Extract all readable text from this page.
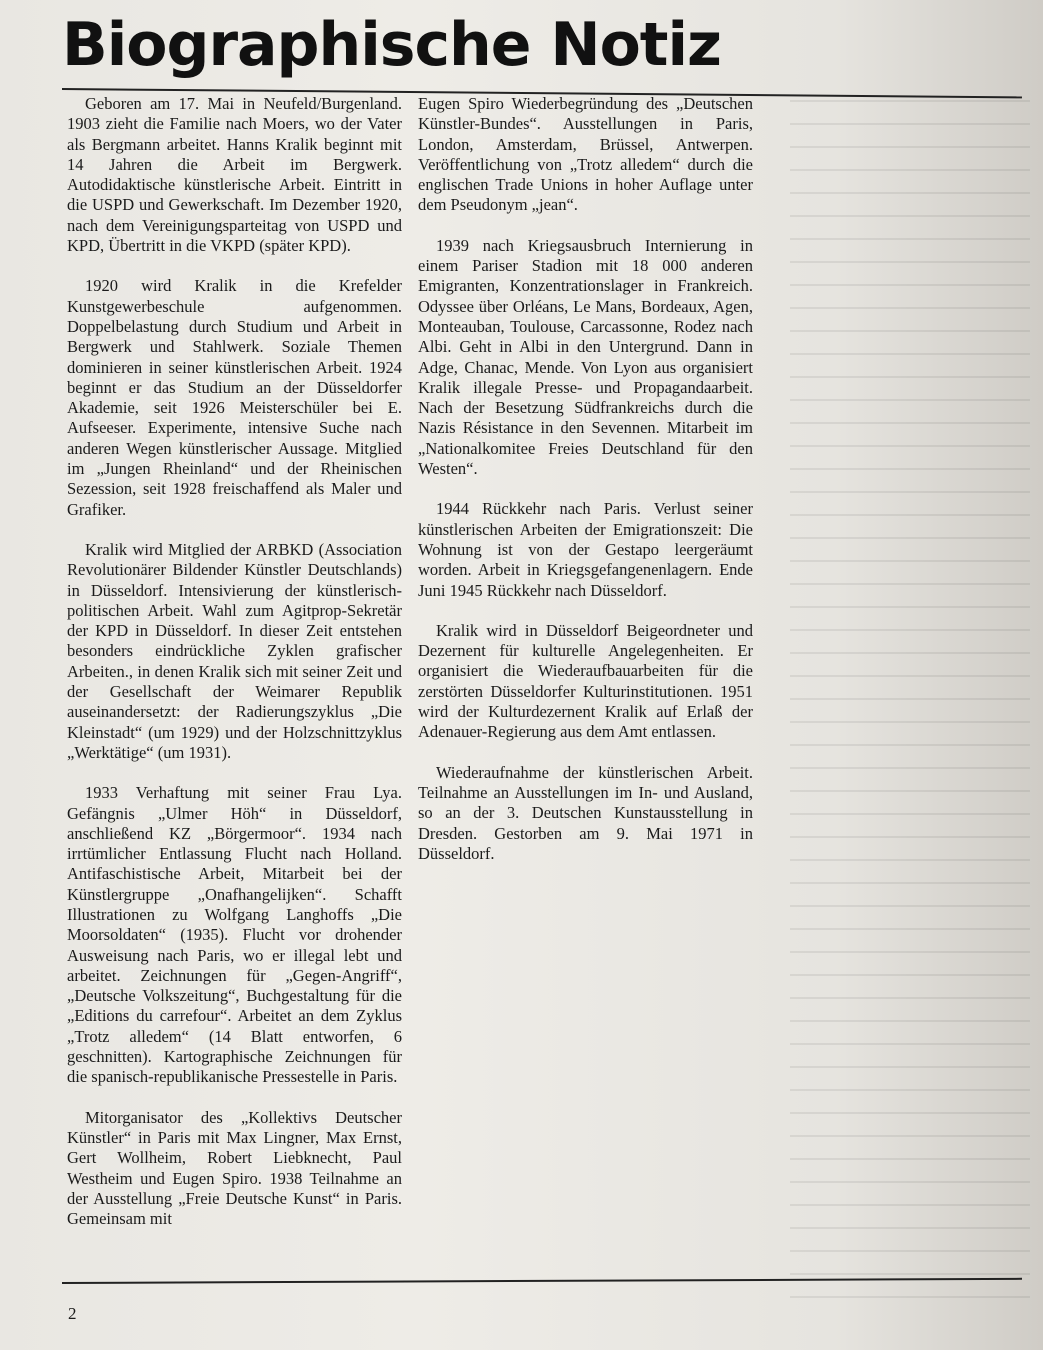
Biographische Notiz

Geboren am 17. Mai in Neufeld/Burgenland. 1903 zieht die Familie nach Moers, wo der Vater als Bergmann arbeitet. Hanns Kralik beginnt mit 14 Jahren die Arbeit im Bergwerk. Autodidaktische künstlerische Arbeit. Eintritt in die USPD und Gewerkschaft. Im Dezember 1920, nach dem Vereinigungsparteitag von USPD und KPD, Übertritt in die VKPD (später KPD).

1920 wird Kralik in die Krefelder Kunstgewerbeschule aufgenommen. Doppelbelastung durch Studium und Arbeit in Bergwerk und Stahlwerk. Soziale Themen dominieren in seiner künstlerischen Arbeit. 1924 beginnt er das Studium an der Düsseldorfer Akademie, seit 1926 Meisterschüler bei E. Aufseeser. Experimente, intensive Suche nach anderen Wegen künstlerischer Aussage. Mitglied im „Jungen Rheinland“ und der Rheinischen Sezession, seit 1928 freischaffend als Maler und Grafiker.

Kralik wird Mitglied der ARBKD (Association Revolutionärer Bildender Künstler Deutschlands) in Düsseldorf. Intensivierung der künstlerisch-politischen Arbeit. Wahl zum Agitprop-Sekretär der KPD in Düsseldorf. In dieser Zeit entstehen besonders eindrückliche Zyklen grafischer Arbeiten., in denen Kralik sich mit seiner Zeit und der Gesellschaft der Weimarer Republik auseinandersetzt: der Radierungszyklus „Die Kleinstadt“ (um 1929) und der Holzschnittzyklus „Werktätige“ (um 1931).

1933 Verhaftung mit seiner Frau Lya. Gefängnis „Ulmer Höh“ in Düsseldorf, anschließend KZ „Börgermoor“. 1934 nach irrtümlicher Entlassung Flucht nach Holland. Antifaschistische Arbeit, Mitarbeit bei der Künstlergruppe „Onafhangelijken“. Schafft Illustrationen zu Wolfgang Langhoffs „Die Moorsoldaten“ (1935). Flucht vor drohender Ausweisung nach Paris, wo er illegal lebt und arbeitet. Zeichnungen für „Gegen-Angriff“, „Deutsche Volkszeitung“, Buchgestaltung für die „Editions du carrefour“. Arbeitet an dem Zyklus „Trotz alledem“ (14 Blatt entworfen, 6 geschnitten). Kartographische Zeichnungen für die spanisch-republikanische Pressestelle in Paris.

Mitorganisator des „Kollektivs Deutscher Künstler“ in Paris mit Max Lingner, Max Ernst, Gert Wollheim, Robert Liebknecht, Paul Westheim und Eugen Spiro. 1938 Teilnahme an der Ausstellung „Freie Deutsche Kunst“ in Paris. Gemeinsam mit

Eugen Spiro Wiederbegründung des „Deutschen Künstler-Bundes“. Ausstellungen in Paris, London, Amsterdam, Brüssel, Antwerpen. Veröffentlichung von „Trotz alledem“ durch die englischen Trade Unions in hoher Auflage unter dem Pseudonym „jean“.

1939 nach Kriegsausbruch Internierung in einem Pariser Stadion mit 18 000 anderen Emigranten, Konzentrationslager in Frankreich. Odyssee über Orléans, Le Mans, Bordeaux, Agen, Monteauban, Toulouse, Carcassonne, Rodez nach Albi. Geht in Albi in den Untergrund. Dann in Adge, Chanac, Mende. Von Lyon aus organisiert Kralik illegale Presse- und Propagandaarbeit. Nach der Besetzung Südfrankreichs durch die Nazis Résistance in den Sevennen. Mitarbeit im „Nationalkomitee Freies Deutschland für den Westen“.

1944 Rückkehr nach Paris. Verlust seiner künstlerischen Arbeiten der Emigrationszeit: Die Wohnung ist von der Gestapo leergeräumt worden. Arbeit in Kriegsgefangenenlagern. Ende Juni 1945 Rückkehr nach Düsseldorf.

Kralik wird in Düsseldorf Beigeordneter und Dezernent für kulturelle Angelegenheiten. Er organisiert die Wiederaufbauarbeiten für die zerstörten Düsseldorfer Kulturinstitutionen. 1951 wird der Kulturdezernent Kralik auf Erlaß der Adenauer-Regierung aus dem Amt entlassen.

Wiederaufnahme der künstlerischen Arbeit. Teilnahme an Ausstellungen im In- und Ausland, so an der 3. Deutschen Kunstausstellung in Dresden. Gestorben am 9. Mai 1971 in Düsseldorf.

2
